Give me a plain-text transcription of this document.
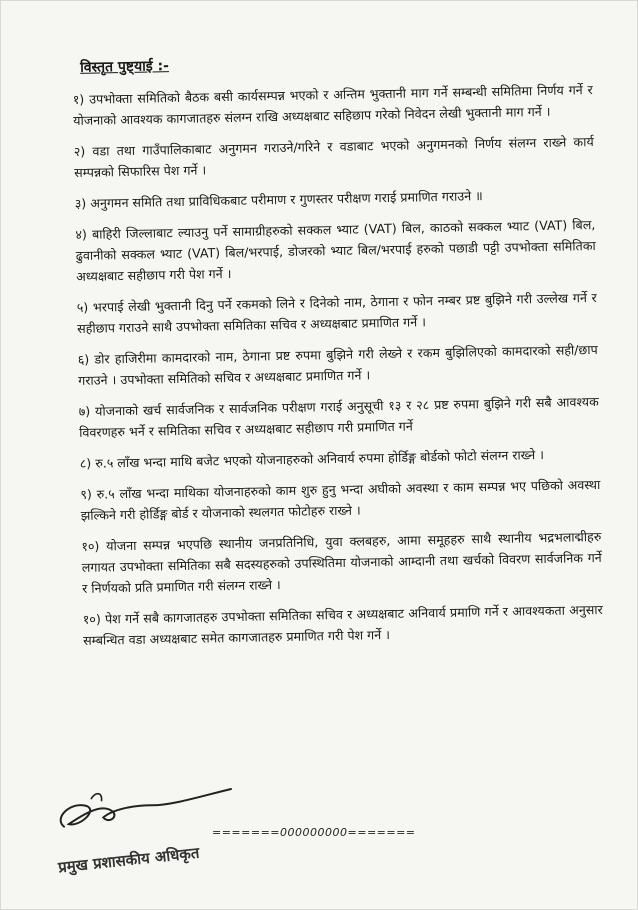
विस्तृत पुष्ट्याई :-
१) उपभोक्ता समितिको बैठक बसी कार्यसम्पन्न भएको र अन्तिम भुक्तानी माग गर्ने सम्बन्धी समितिमा निर्णय गर्ने र योजनाको आवश्यक कागजातहरु संलग्न राखि अध्यक्षबाट सहिछाप गरेको निवेदन लेखी भुक्तानी माग गर्ने ।
२) वडा तथा गाउँपालिकाबाट अनुगमन गराउने/गरिने र वडाबाट भएको अनुगमनको निर्णय संलग्न राख्ने कार्य सम्पन्नको सिफारिस पेश गर्ने ।
३) अनुगमन समिति तथा प्राविधिकबाट परीमाण र गुणस्तर परीक्षण गराई प्रमाणित गराउने ॥
४) बाहिरी जिल्लाबाट ल्याउनु पर्ने सामाग्रीहरुको सक्कल भ्याट (VAT) बिल, काठको सक्कल भ्याट (VAT) बिल, ढुवानीको सक्कल भ्याट (VAT) बिल/भरपाई, डोजरको भ्याट बिल/भरपाई हरुको पछाडी पट्टी उपभोक्ता समितिका अध्यक्षबाट सहीछाप गरी पेश गर्ने ।
५) भरपाई लेखी भुक्तानी दिनु पर्ने रकमको लिने र दिनेको नाम, ठेगाना र फोन नम्बर प्रष्ट बुझिने गरी उल्लेख गर्ने र सहीछाप गराउने साथै उपभोक्ता समितिका सचिव र अध्यक्षबाट प्रमाणित गर्ने ।
६) डोर हाजिरीमा कामदारको नाम, ठेगाना प्रष्ट रुपमा बुझिने गरी लेख्ने र रकम बुझिलिएको कामदारको सही/छाप गराउने । उपभोक्ता समितिको सचिव र अध्यक्षबाट प्रमाणित गर्ने ।
७) योजनाको खर्च सार्वजनिक र सार्वजनिक परीक्षण गराई अनुसूची १३ र २८ प्रष्ट रुपमा बुझिने गरी सबै आवश्यक विवरणहरु भर्ने र समितिका सचिव र अध्यक्षबाट सहीछाप गरी प्रमाणित गर्ने
८) रु.५ लाँख भन्दा माथि बजेट भएको योजनाहरुको अनिवार्य रुपमा होर्डिङ्ग बोर्डको फोटो संलग्न राख्ने ।
९) रु.५ लाँख भन्दा माथिका योजनाहरुको काम शुरु हुनु भन्दा अघीको अवस्था र काम सम्पन्न भए पछिको अवस्था झल्किने गरी होर्डिङ्ग बोर्ड र योजनाको स्थलगत फोटोहरु राख्ने ।
१०) योजना सम्पन्न भएपछि स्थानीय जनप्रतिनिधि, युवा क्लबहरु, आमा समूहहरु साथै स्थानीय भद्रभलाद्मीहरु लगायत उपभोक्ता समितिका सबै सदस्यहरुको उपस्थितिमा योजनाको आम्दानी तथा खर्चको विवरण सार्वजनिक गर्ने र निर्णयको प्रति प्रमाणित गरी संलग्न राख्ने ।
१०) पेश गर्ने सबै कागजातहरु उपभोक्ता समितिका सचिव र अध्यक्षबाट अनिवार्य प्रमाणि गर्ने र आवश्यकता अनुसार सम्बन्धित वडा अध्यक्षबाट समेत कागजातहरु प्रमाणित गरी पेश गर्ने ।
=======000000000=======
प्रमुख प्रशासकीय अधिकृत
